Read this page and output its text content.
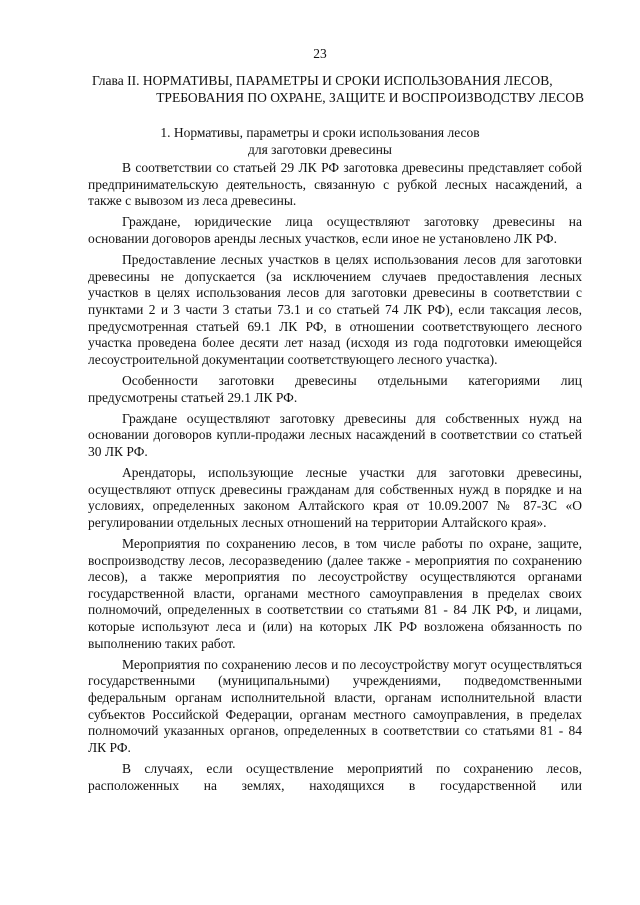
23
Глава II. НОРМАТИВЫ, ПАРАМЕТРЫ И СРОКИ ИСПОЛЬЗОВАНИЯ ЛЕСОВ,
ТРЕБОВАНИЯ ПО ОХРАНЕ, ЗАЩИТЕ И ВОСПРОИЗВОДСТВУ ЛЕСОВ
1. Нормативы, параметры и сроки использования лесов
для заготовки древесины

В соответствии со статьей 29 ЛК РФ заготовка древесины представляет собой предпринимательскую деятельность, связанную с рубкой лесных насаждений, а также с вывозом из леса древесины.

Граждане, юридические лица осуществляют заготовку древесины на основании договоров аренды лесных участков, если иное не установлено ЛК РФ.

Предоставление лесных участков в целях использования лесов для заготовки древесины не допускается (за исключением случаев предоставления лесных участков в целях использования лесов для заготовки древесины в соответствии с пунктами 2 и 3 части 3 статьи 73.1 и со статьей 74 ЛК РФ), если таксация лесов, предусмотренная статьей 69.1 ЛК РФ, в отношении соответствующего лесного участка проведена более десяти лет назад (исходя из года подготовки имеющейся лесоустроительной документации соответствующего лесного участка).

Особенности заготовки древесины отдельными категориями лиц предусмотрены статьей 29.1 ЛК РФ.

Граждане осуществляют заготовку древесины для собственных нужд на основании договоров купли-продажи лесных насаждений в соответствии со статьей 30 ЛК РФ.

Арендаторы, использующие лесные участки для заготовки древесины, осуществляют отпуск древесины гражданам для собственных нужд в порядке и на условиях, определенных законом Алтайского края от 10.09.2007 № 87-ЗС «О регулировании отдельных лесных отношений на территории Алтайского края».

Мероприятия по сохранению лесов, в том числе работы по охране, защите, воспроизводству лесов, лесоразведению (далее также - мероприятия по сохранению лесов), а также мероприятия по лесоустройству осуществляются органами государственной власти, органами местного самоуправления в пределах своих полномочий, определенных в соответствии со статьями 81 - 84 ЛК РФ, и лицами, которые используют леса и (или) на которых ЛК РФ возложена обязанность по выполнению таких работ.

Мероприятия по сохранению лесов и по лесоустройству могут осуществляться государственными (муниципальными) учреждениями, подведомственными федеральным органам исполнительной власти, органам исполнительной власти субъектов Российской Федерации, органам местного самоуправления, в пределах полномочий указанных органов, определенных в соответствии со статьями 81 - 84 ЛК РФ.

В случаях, если осуществление мероприятий по сохранению лесов, расположенных на землях, находящихся в государственной или
